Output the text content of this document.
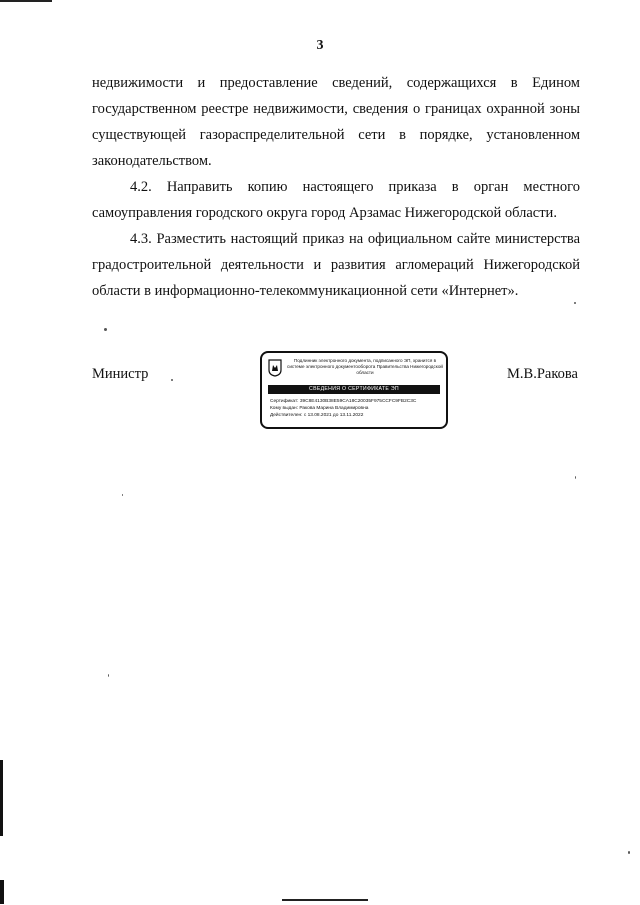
3

недвижимости и предоставление сведений, содержащихся в Едином государственном реестре недвижимости, сведения о границах охранной зоны существующей газораспределительной сети в порядке, установленном законодательством.

4.2. Направить копию настоящего приказа в орган местного самоуправления городского округа город Арзамас Нижегородской области.

4.3. Разместить настоящий приказ на официальном сайте министерства градостроительной деятельности и развития агломераций Нижегородской области в информационно-телекоммуникационной сети «Интернет».

Министр	М.В.Ракова
Подлинник электронного документа, подписанного ЭП, хранится в системе электронного документооборота Правительства Нижегородской области
СВЕДЕНИЯ О СЕРТИФИКАТЕ ЭП
Сертификат: 39C8E4130B38E59CA18C20035F975CCFC9FB2C3C
Кому выдан: Ракова Марина Владимировна
Действителен: с 13.08.2021 до 13.11.2022
